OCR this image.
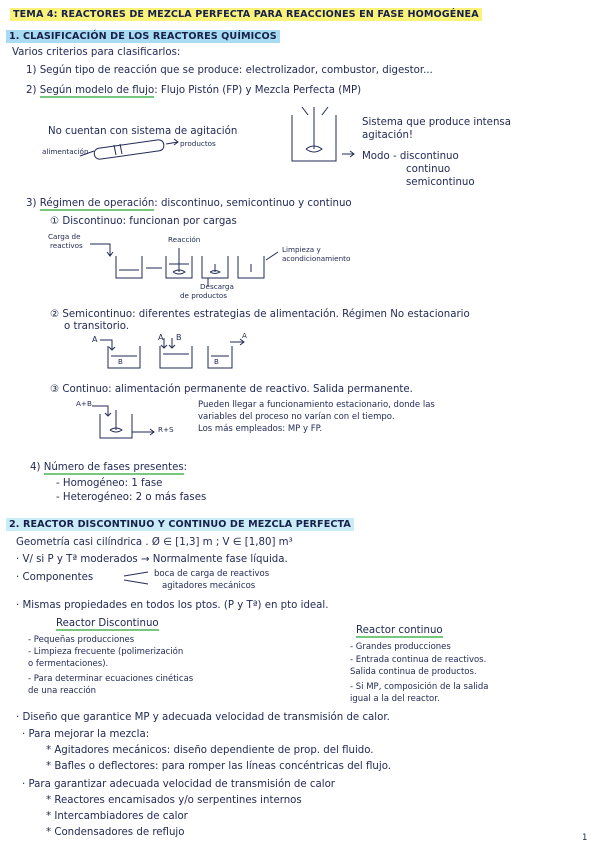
TEMA 4: REACTORES DE MEZCLA PERFECTA PARA REACCIONES EN FASE HOMOGÉNEA
1. CLASIFICACIÓN DE LOS REACTORES QUÍMICOS
Varios criterios para clasificarlos:
1) Según tipo de reacción que se produce: electrolizador, combustor, digestor...
2) Según modelo de flujo: Flujo Pistón (FP) y Mezcla Perfecta (MP)
No cuentan con sistema de agitación
alimentación
productos
Sistema que produce intensa
agitación!
Modo - discontinuo
continuo
semicontinuo
3) Régimen de operación: discontinuo, semicontinuo y continuo
① Discontinuo: funcionan por cargas
Carga de
reactivos
Reacción
Limpieza y
acondicionamiento
Descarga
de productos
② Semicontinuo: diferentes estrategias de alimentación. Régimen No estacionario
o transitorio.
A
B
A B
B
A
③ Continuo: alimentación permanente de reactivo. Salida permanente.
A+B
R+S
Pueden llegar a funcionamiento estacionario, donde las
variables del proceso no varían con el tiempo.
Los más empleados: MP y FP.
4) Número de fases presentes:
- Homogéneo: 1 fase
- Heterogéneo: 2 o más fases
2. REACTOR DISCONTINUO Y CONTINUO DE MEZCLA PERFECTA
Geometría casi cilíndrica . Ø ∈ [1,3] m ; V ∈ [1,80] m³
· V/ si P y Tª moderados → Normalmente fase líquida.
· Componentes	boca de carga de reactivos
agitadores mecánicos
· Mismas propiedades en todos los ptos. (P y Tª) en pto ideal.
Reactor Discontinuo
- Pequeñas producciones
- Limpieza frecuente (polimerización
o fermentaciones).
- Para determinar ecuaciones cinéticas
de una reacción
Reactor continuo
- Grandes producciones
- Entrada continua de reactivos.
Salida continua de productos.
- Si MP, composición de la salida
igual a la del reactor.
· Diseño que garantice MP y adecuada velocidad de transmisión de calor.
· Para mejorar la mezcla:
* Agitadores mecánicos: diseño dependiente de prop. del fluido.
* Bafles o deflectores: para romper las líneas concéntricas del flujo.
· Para garantizar adecuada velocidad de transmisión de calor
* Reactores encamisados y/o serpentines internos
* Intercambiadores de calor
* Condensadores de reflujo	1
